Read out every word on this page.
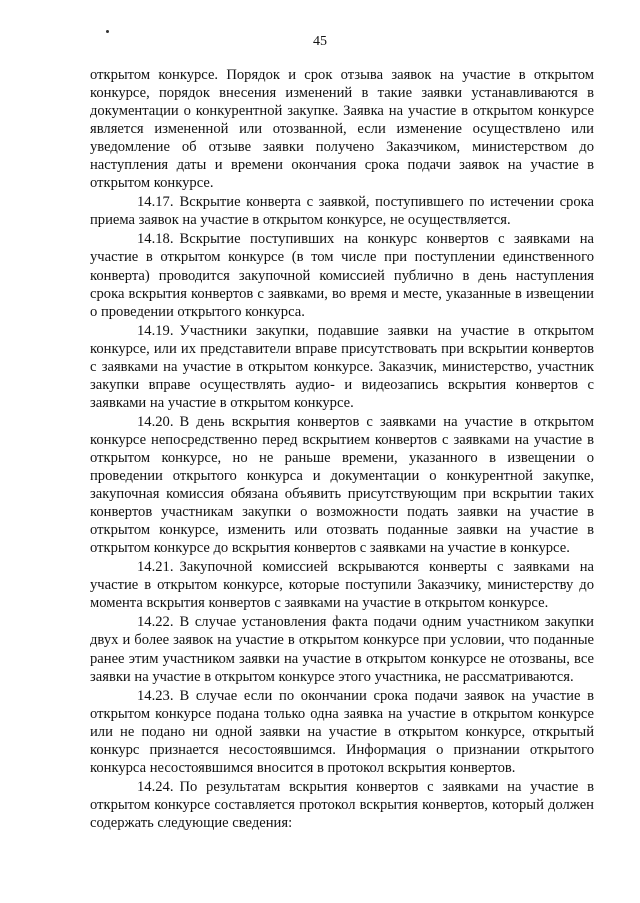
45

открытом конкурсе. Порядок и срок отзыва заявок на участие в открытом конкурсе, порядок внесения изменений в такие заявки устанавливаются в документации о конкурентной закупке. Заявка на участие в открытом конкурсе является измененной или отозванной, если изменение осуществлено или уведомление об отзыве заявки получено Заказчиком, министерством до наступления даты и времени окончания срока подачи заявок на участие в открытом конкурсе.

14.17. Вскрытие конверта с заявкой, поступившего по истечении срока приема заявок на участие в открытом конкурсе, не осуществляется.

14.18. Вскрытие поступивших на конкурс конвертов с заявками на участие в открытом конкурсе (в том числе при поступлении единственного конверта) проводится закупочной комиссией публично в день наступления срока вскрытия конвертов с заявками, во время и месте, указанные в извещении о проведении открытого конкурса.

14.19. Участники закупки, подавшие заявки на участие в открытом конкурсе, или их представители вправе присутствовать при вскрытии конвертов с заявками на участие в открытом конкурсе. Заказчик, министерство, участник закупки вправе осуществлять аудио- и видеозапись вскрытия конвертов с заявками на участие в открытом конкурсе.

14.20. В день вскрытия конвертов с заявками на участие в открытом конкурсе непосредственно перед вскрытием конвертов с заявками на участие в открытом конкурсе, но не раньше времени, указанного в извещении о проведении открытого конкурса и документации о конкурентной закупке, закупочная комиссия обязана объявить присутствующим при вскрытии таких конвертов участникам закупки о возможности подать заявки на участие в открытом конкурсе, изменить или отозвать поданные заявки на участие в открытом конкурсе до вскрытия конвертов с заявками на участие в конкурсе.

14.21. Закупочной комиссией вскрываются конверты с заявками на участие в открытом конкурсе, которые поступили Заказчику, министерству до момента вскрытия конвертов с заявками на участие в открытом конкурсе.

14.22. В случае установления факта подачи одним участником закупки двух и более заявок на участие в открытом конкурсе при условии, что поданные ранее этим участником заявки на участие в открытом конкурсе не отозваны, все заявки на участие в открытом конкурсе этого участника, не рассматриваются.

14.23. В случае если по окончании срока подачи заявок на участие в открытом конкурсе подана только одна заявка на участие в открытом конкурсе или не подано ни одной заявки на участие в открытом конкурсе, открытый конкурс признается несостоявшимся. Информация о признании открытого конкурса несостоявшимся вносится в протокол вскрытия конвертов.

14.24. По результатам вскрытия конвертов с заявками на участие в открытом конкурсе составляется протокол вскрытия конвертов, который должен содержать следующие сведения:
